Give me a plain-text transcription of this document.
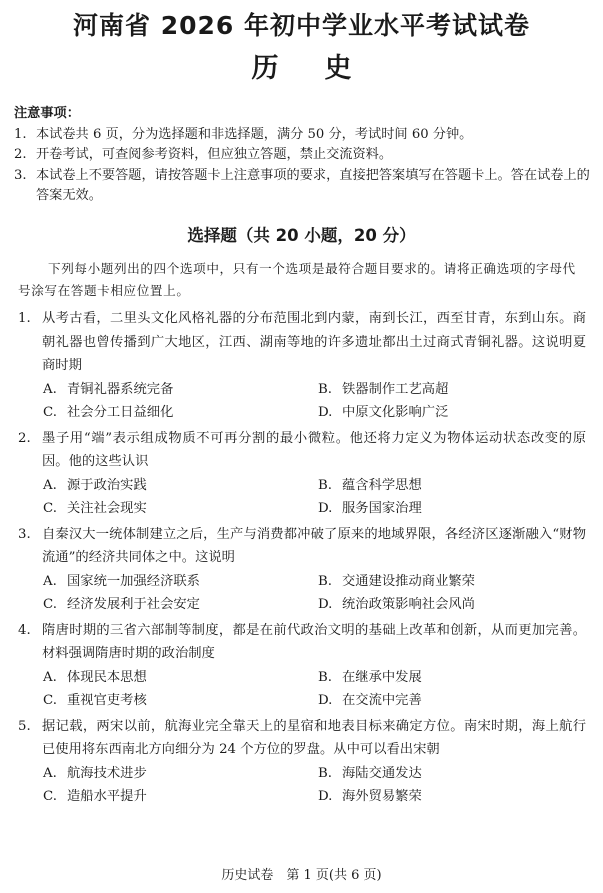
河南省 2026 年初中学业水平考试试卷
历史
注意事项：
1. 本试卷共 6 页，分为选择题和非选择题，满分 50 分，考试时间 60 分钟。
2. 开卷考试，可查阅参考资料，但应独立答题，禁止交流资料。
3. 本试卷上不要答题，请按答题卡上注意事项的要求，直接把答案填写在答题卡上。答在试卷上的答案无效。
选择题（共 20 小题，20 分）
下列每小题列出的四个选项中，只有一个选项是最符合题目要求的。请将正确选项的字母代号涂写在答题卡相应位置上。
1. 从考古看，二里头文化风格礼器的分布范围北到内蒙，南到长江，西至甘青，东到山东。商朝礼器也曾传播到广大地区，江西、湖南等地的许多遗址都出土过商式青铜礼器。这说明夏商时期
A. 青铜礼器系统完备	B. 铁器制作工艺高超
C. 社会分工日益细化	D. 中原文化影响广泛
2. 墨子用“端”表示组成物质不可再分割的最小微粒。他还将力定义为物体运动状态改变的原因。他的这些认识
A. 源于政治实践	B. 蕴含科学思想
C. 关注社会现实	D. 服务国家治理
3. 自秦汉大一统体制建立之后，生产与消费都冲破了原来的地域界限，各经济区逐渐融入“财物流通”的经济共同体之中。这说明
A. 国家统一加强经济联系	B. 交通建设推动商业繁荣
C. 经济发展利于社会安定	D. 统治政策影响社会风尚
4. 隋唐时期的三省六部制等制度，都是在前代政治文明的基础上改革和创新，从而更加完善。材料强调隋唐时期的政治制度
A. 体现民本思想	B. 在继承中发展
C. 重视官吏考核	D. 在交流中完善
5. 据记载，两宋以前，航海业完全靠天上的星宿和地表目标来确定方位。南宋时期，海上航行已使用将东西南北方向细分为 24 个方位的罗盘。从中可以看出宋朝
A. 航海技术进步	B. 海陆交通发达
C. 造船水平提升	D. 海外贸易繁荣
历史试卷　第 1 页(共 6 页)
